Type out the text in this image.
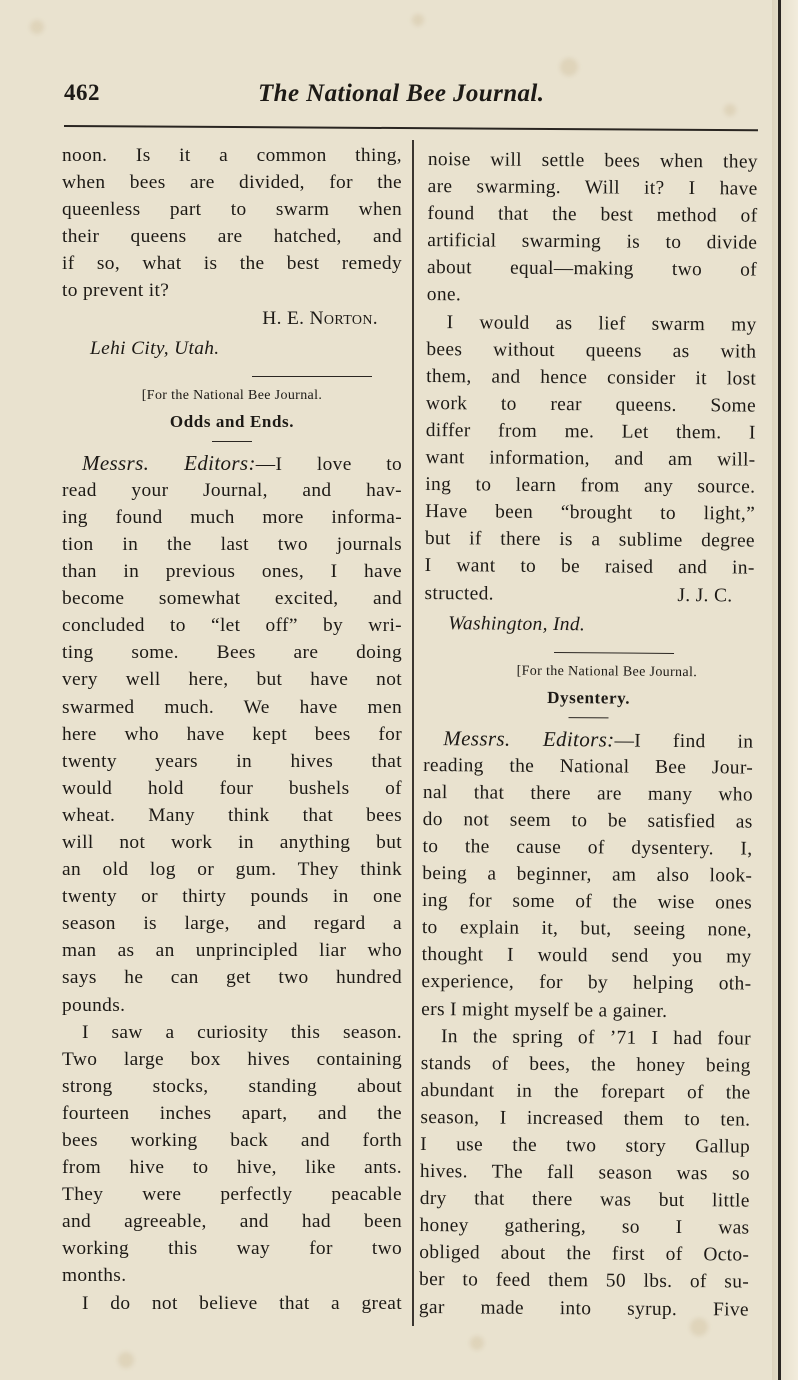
462	The National Bee Journal.
noon. Is it a common thing,
when bees are divided, for the
queenless part to swarm when
their queens are hatched, and
if so, what is the best remedy
to prevent it?
H. E. Norton.
Lehi City, Utah.
[For the National Bee Journal.
Odds and Ends.
Messrs. Editors:—I love to
read your Journal, and hav-
ing found much more informa-
tion in the last two journals
than in previous ones, I have
become somewhat excited, and
concluded to “let off” by wri-
ting some. Bees are doing
very well here, but have not
swarmed much. We have men
here who have kept bees for
twenty years in hives that
would hold four bushels of
wheat. Many think that bees
will not work in anything but
an old log or gum. They think
twenty or thirty pounds in one
season is large, and regard a
man as an unprincipled liar who
says he can get two hundred
pounds.
I saw a curiosity this season.
Two large box hives containing
strong stocks, standing about
fourteen inches apart, and the
bees working back and forth
from hive to hive, like ants.
They were perfectly peacable
and agreeable, and had been
working this way for two
months.
I do not believe that a great
noise will settle bees when they
are swarming. Will it? I have
found that the best method of
artificial swarming is to divide
about equal—making two of
one.
I would as lief swarm my
bees without queens as with
them, and hence consider it lost
work to rear queens. Some
differ from me. Let them. I
want information, and am will-
ing to learn from any source.
Have been “brought to light,”
but if there is a sublime degree
I want to be raised and in-
structed.	J. J. C.
Washington, Ind.
[For the National Bee Journal.
Dysentery.
Messrs. Editors:—I find in
reading the National Bee Jour-
nal that there are many who
do not seem to be satisfied as
to the cause of dysentery. I,
being a beginner, am also look-
ing for some of the wise ones
to explain it, but, seeing none,
thought I would send you my
experience, for by helping oth-
ers I might myself be a gainer.
In the spring of ’71 I had four
stands of bees, the honey being
abundant in the forepart of the
season, I increased them to ten.
I use the two story Gallup
hives. The fall season was so
dry that there was but little
honey gathering, so I was
obliged about the first of Octo-
ber to feed them 50 lbs. of su-
gar made into syrup. Five
